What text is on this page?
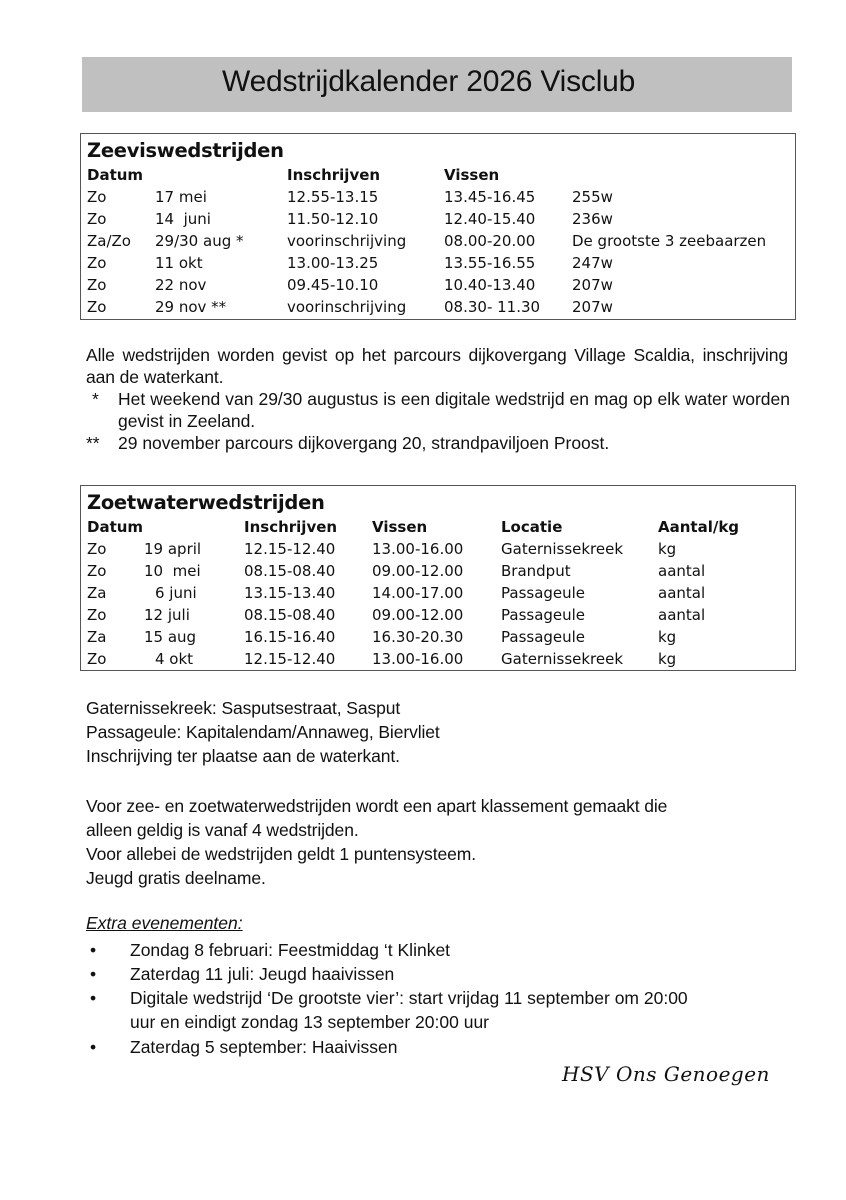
Wedstrijdkalender 2026 Visclub
Zeeviswedstrijden
Datum	Inschrijven	Vissen
Zo	17 mei	12.55-13.15	13.45-16.45 255w
Zo	14  juni	11.50-12.10	12.40-15.40 236w
Za/Zo 29/30 aug *	voorinschrijving	08.00-20.00 De grootste 3 zeebaarzen
Zo	11 okt	13.00-13.25	13.55-16.55 247w
Zo	22 nov	09.45-10.10	10.40-13.40 207w
Zo	29 nov **	voorinschrijving	08.30- 11.30 207w
Alle wedstrijden worden gevist op het parcours dijkovergang Village Scaldia, inschrijving aan de waterkant.
* Het weekend van 29/30 augustus is een digitale wedstrijd en mag op elk water worden gevist in Zeeland.
** 29 november parcours dijkovergang 20, strandpaviljoen Proost.
Zoetwaterwedstrijden
Datum	Inschrijven Vissen	Locatie	Aantal/kg
Zo	19 april	12.15-12.40 13.00-16.00	Gaternissekreek kg
Zo	10  mei	08.15-08.40 09.00-12.00	Brandput	aantal
Za	6 juni	13.15-13.40 14.00-17.00	Passageule	aantal
Zo	12 juli	08.15-08.40 09.00-12.00	Passageule	aantal
Za	15 aug	16.15-16.40 16.30-20.30	Passageule	kg
Zo	4 okt	12.15-12.40 13.00-16.00	Gaternissekreek kg
Gaternissekreek: Sasputsestraat, Sasput
Passageule: Kapitalendam/Annaweg, Biervliet
Inschrijving ter plaatse aan de waterkant.
Voor zee- en zoetwaterwedstrijden wordt een apart klassement gemaakt die
alleen geldig is vanaf 4 wedstrijden.
Voor allebei de wedstrijden geldt 1 puntensysteem.
Jeugd gratis deelname.
Extra evenementen:
• Zondag 8 februari: Feestmiddag ‘t Klinket
• Zaterdag 11 juli: Jeugd haaivissen
• Digitale wedstrijd ‘De grootste vier’: start vrijdag 11 september om 20:00
uur en eindigt zondag 13 september 20:00 uur
• Zaterdag 5 september: Haaivissen
HSV Ons Genoegen
